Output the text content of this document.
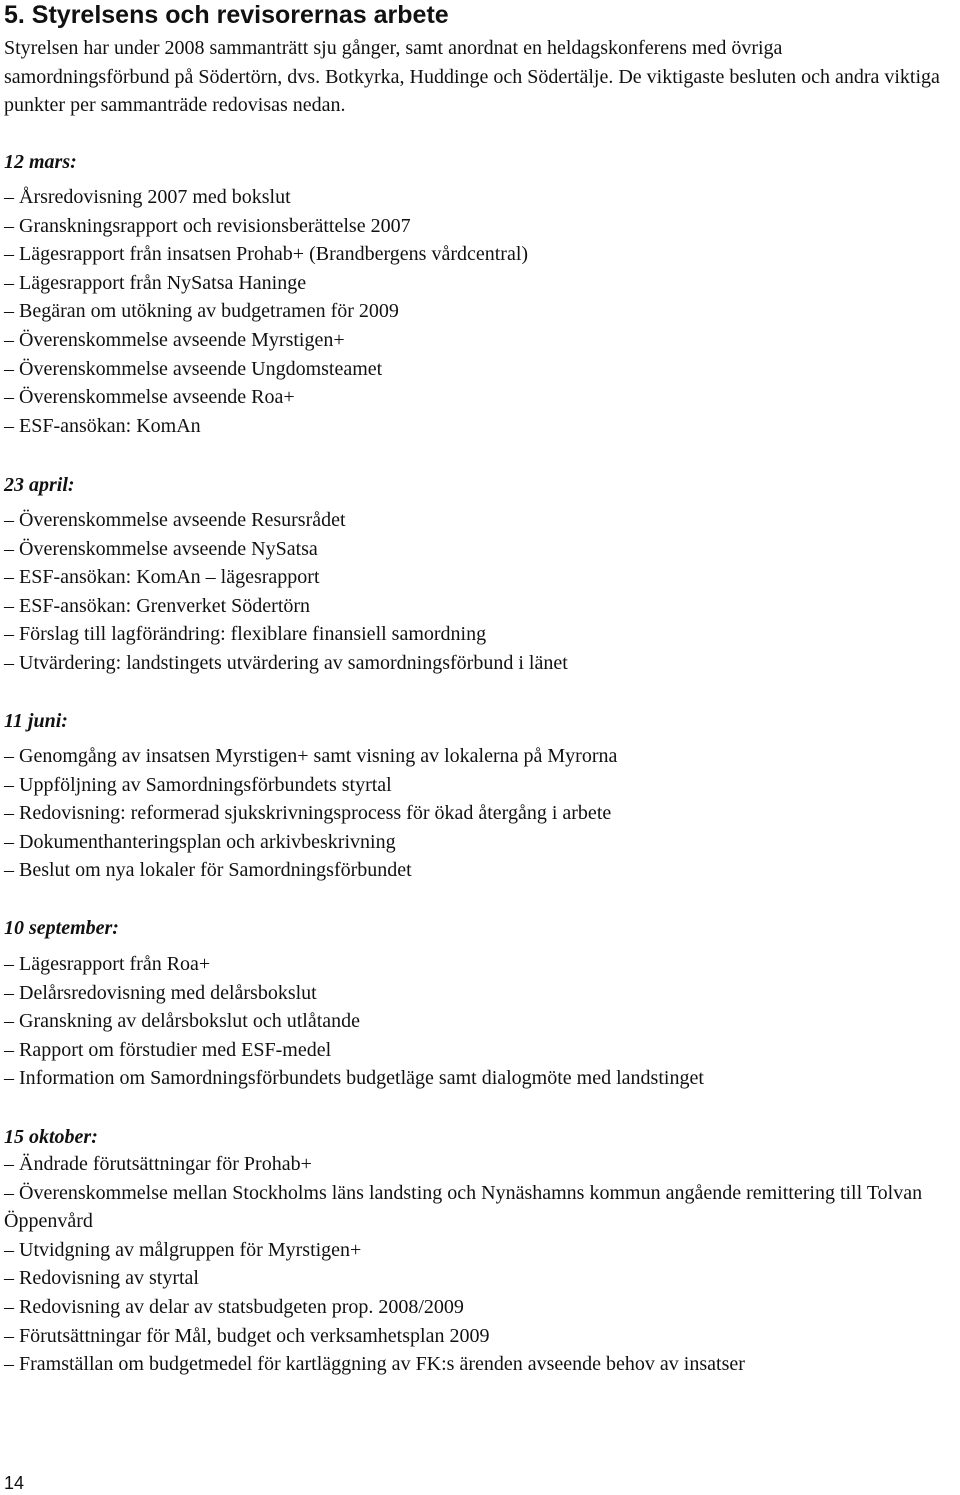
5. Styrelsens och revisorernas arbete

Styrelsen har under 2008 sammanträtt sju gånger, samt anordnat en heldagskonferens med övriga samordningsförbund på Södertörn, dvs. Botkyrka, Huddinge och Södertälje. De viktigaste besluten och andra viktiga punkter per sammanträde redovisas nedan.

12 mars:
– Årsredovisning 2007 med bokslut
– Granskningsrapport och revisionsberättelse 2007
– Lägesrapport från insatsen Prohab+ (Brandbergens vårdcentral)
– Lägesrapport från NySatsa Haninge
– Begäran om utökning av budgetramen för 2009
– Överenskommelse avseende Myrstigen+
– Överenskommelse avseende Ungdomsteamet
– Överenskommelse avseende Roa+
– ESF-ansökan: KomAn
23 april:
– Överenskommelse avseende Resursrådet
– Överenskommelse avseende NySatsa
– ESF-ansökan: KomAn – lägesrapport
– ESF-ansökan: Grenverket Södertörn
– Förslag till lagförändring: flexiblare finansiell samordning
– Utvärdering: landstingets utvärdering av samordningsförbund i länet
11 juni:
– Genomgång av insatsen Myrstigen+ samt visning av lokalerna på Myrorna
– Uppföljning av Samordningsförbundets styrtal
– Redovisning: reformerad sjukskrivningsprocess för ökad återgång i arbete
– Dokumenthanteringsplan och arkivbeskrivning
– Beslut om nya lokaler för Samordningsförbundet
10 september:
– Lägesrapport från Roa+
– Delårsredovisning med delårsbokslut
– Granskning av delårsbokslut och utlåtande
– Rapport om förstudier med ESF-medel
– Information om Samordningsförbundets budgetläge samt dialogmöte med landstinget
15 oktober:
– Ändrade förutsättningar för Prohab+
– Överenskommelse mellan Stockholms läns landsting och Nynäshamns kommun angående remittering till Tolvan Öppenvård
– Utvidgning av målgruppen för Myrstigen+
– Redovisning av styrtal
– Redovisning av delar av statsbudgeten prop. 2008/2009
– Förutsättningar för Mål, budget och verksamhetsplan 2009
– Framställan om budgetmedel för kartläggning av FK:s ärenden avseende behov av insatser
14
